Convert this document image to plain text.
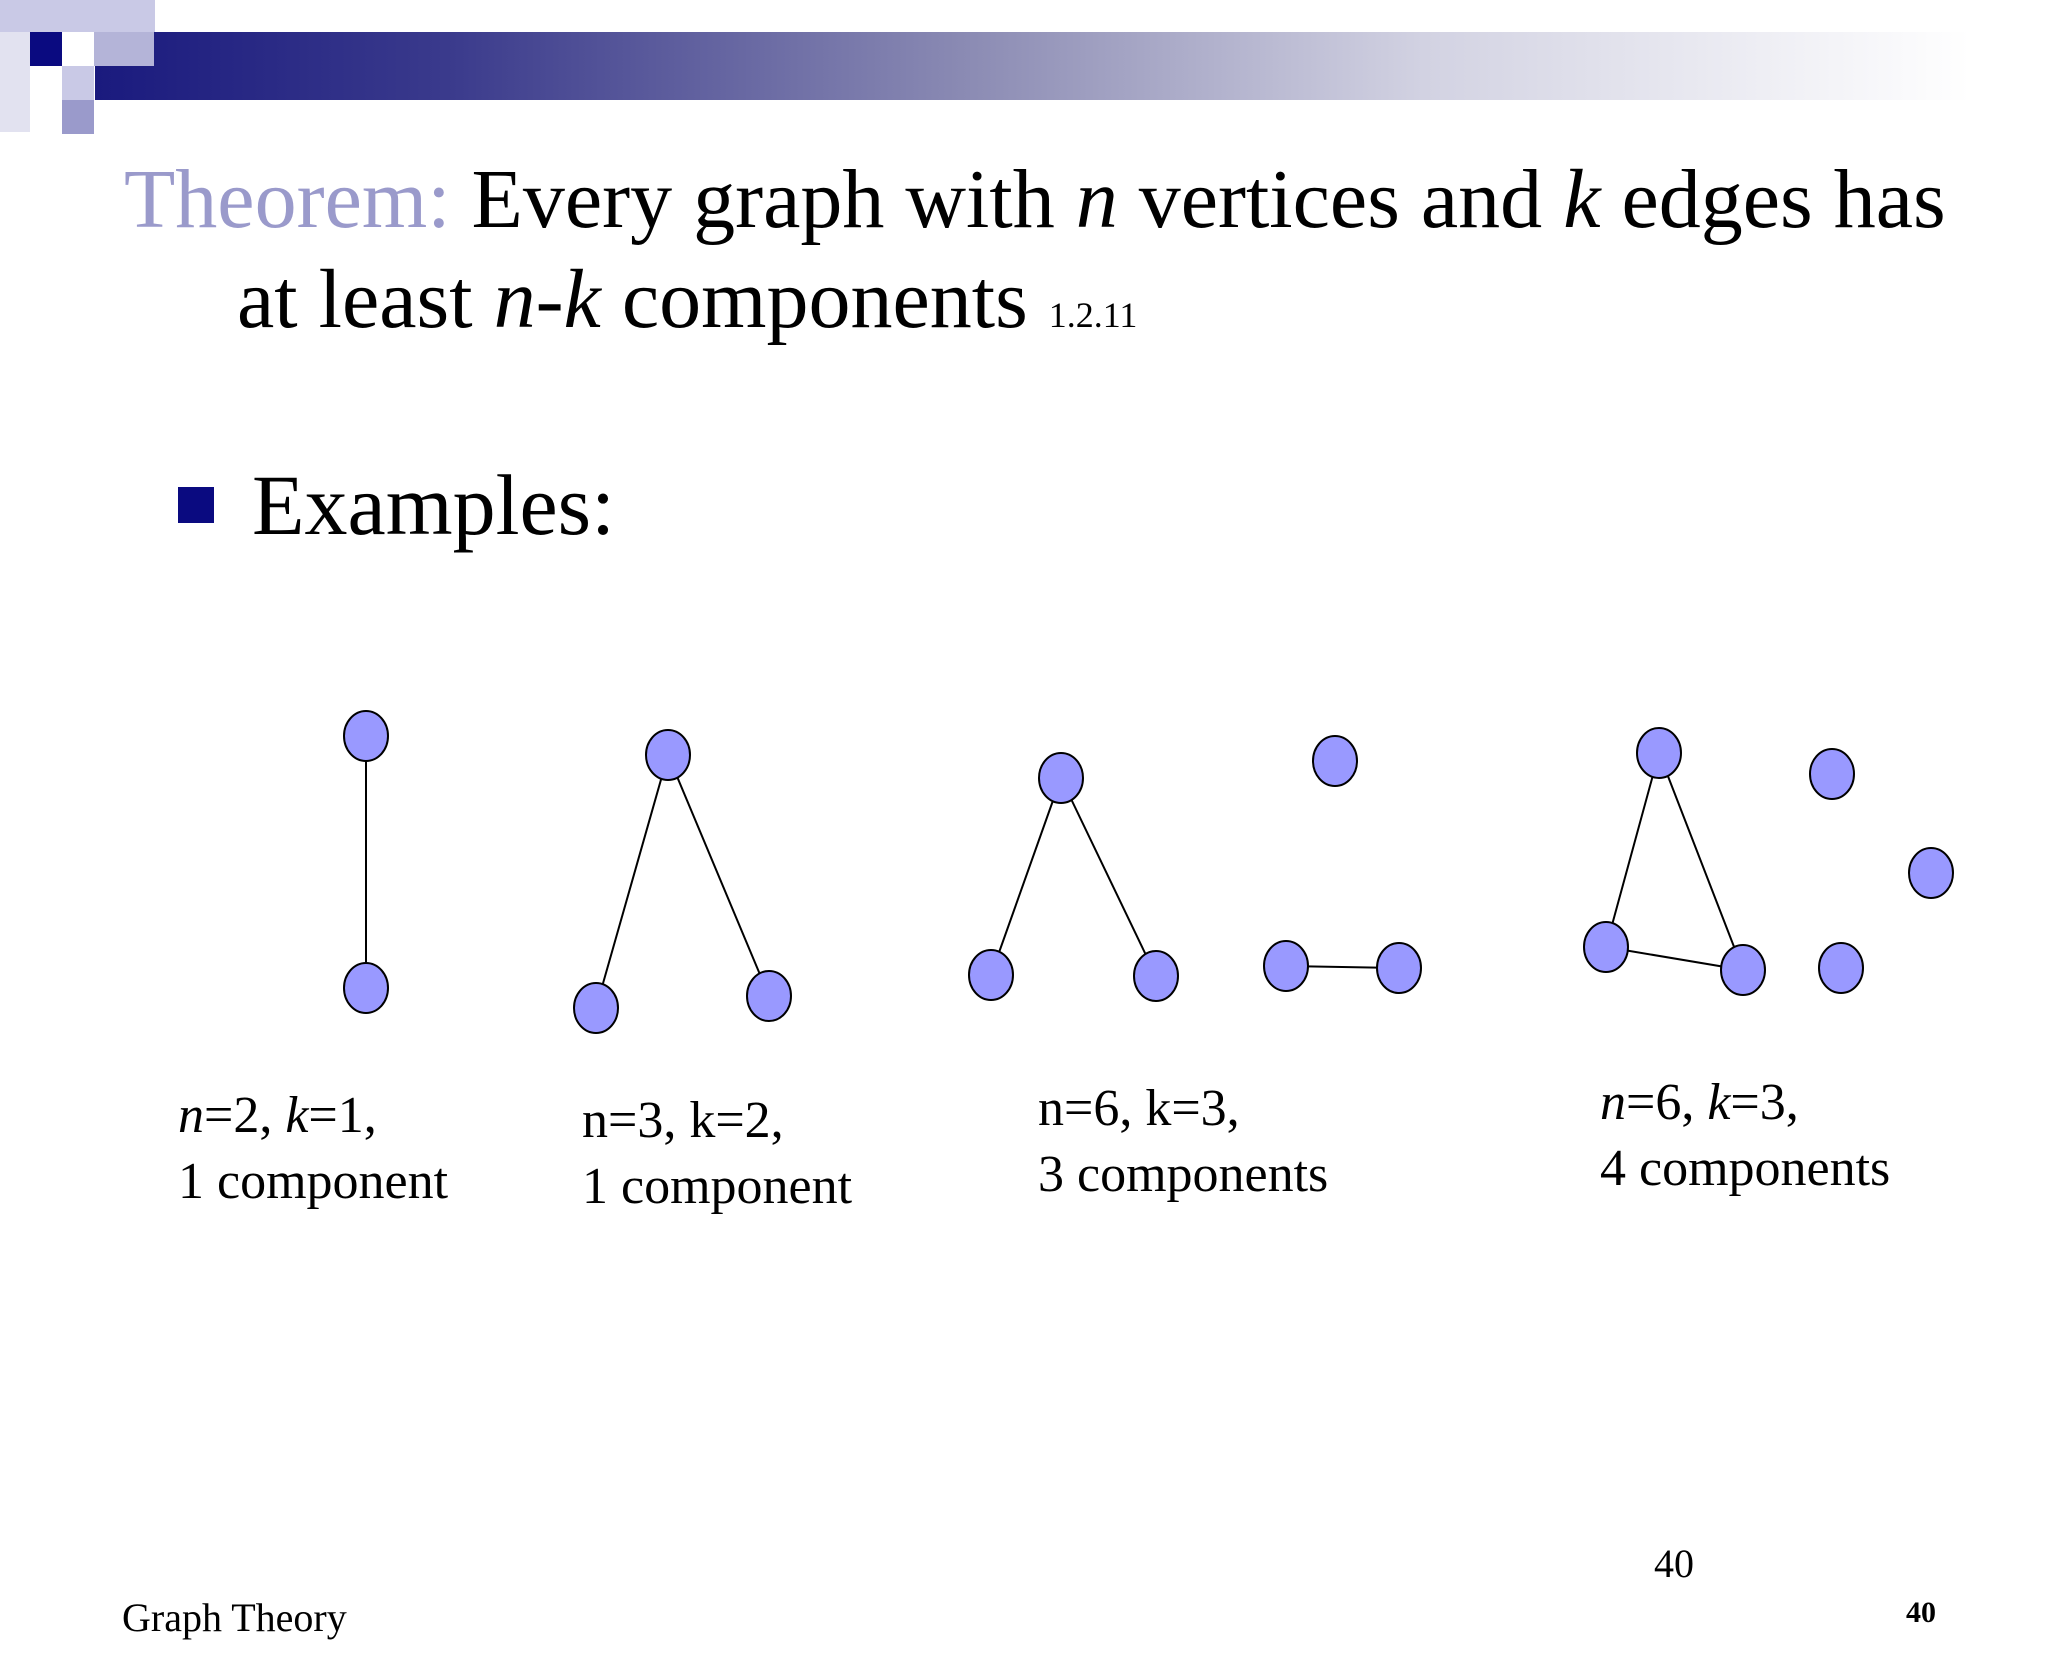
Theorem: Every graph with n vertices and k edges has
at least n-k components 1.2.11
Examples:
n=2, k=1,
1 component
n=3, k=2,
1 component
n=6, k=3,
3 components
n=6, k=3,
4 components
40
Graph Theory	40
